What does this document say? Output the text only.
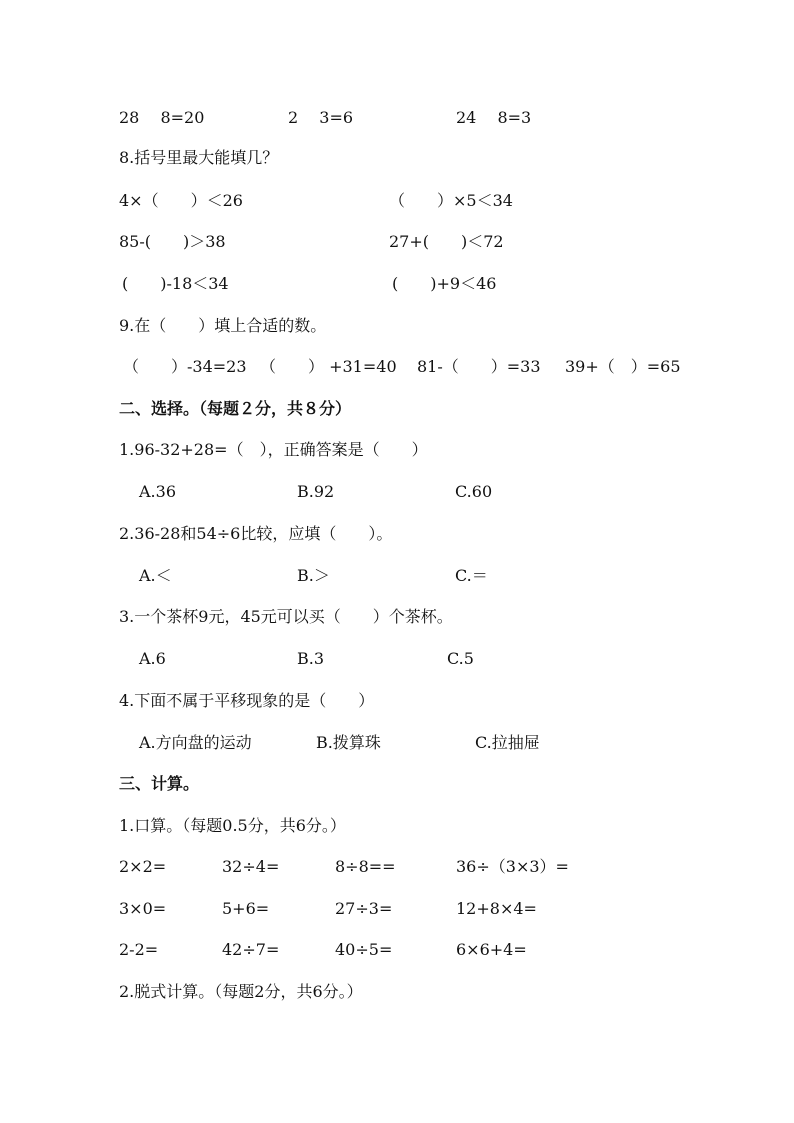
28　 8=20	2　 3=6	24　 8=3
8.括号里最大能填几？
4×（　　）＜26	（　　）×5＜34
85-(　　)＞38	27+(　　)＜72
(　　)-18＜34	(　　)+9＜46
9.在（　　）填上合适的数。
（　　）-34=23 （　　） +31=40 81-（　　）=33 39+（　）=65
二、选择。（每题２分，共８分）
1.96-32+28=（　），正确答案是（　　）
A.36	B.92	C.60
2.36-28和54÷6比较，应填（　　）。
A.＜	B.＞	C.＝
3.一个茶杯9元，45元可以买（　　）个茶杯。
A.6	B.3	C.5
4.下面不属于平移现象的是（　　）
A.方向盘的运动	B.拨算珠	C.拉抽屉
三、计算。
1.口算。（每题0.5分，共6分。）
2×2=	32÷4=	8÷8==	36÷（3×3）=
3×0=	5+6=	27÷3=	12+8×4=
2-2=	42÷7=	40÷5=	6×6+4=
2.脱式计算。（每题2分，共6分。）
